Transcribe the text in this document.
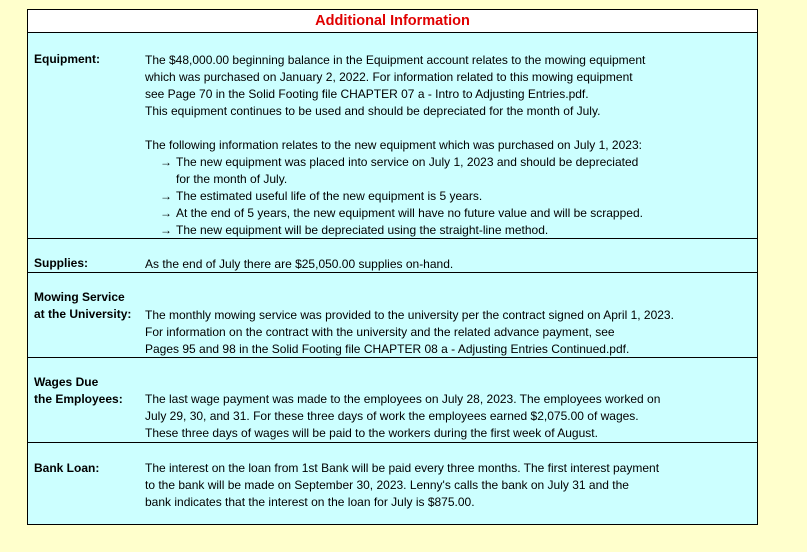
Additional Information
Equipment:	The $48,000.00 beginning balance in the Equipment account relates to the mowing equipment
which was purchased on January 2, 2022. For information related to this mowing equipment
see Page 70 in the Solid Footing file CHAPTER 07 a - Intro to Adjusting Entries.pdf.
This equipment continues to be used and should be depreciated for the month of July.
The following information relates to the new equipment which was purchased on July 1, 2023:
→ The new equipment was placed into service on July 1, 2023 and should be depreciated
for the month of July.
→ The estimated useful life of the new equipment is 5 years.
→ At the end of 5 years, the new equipment will have no future value and will be scrapped.
→ The new equipment will be depreciated using the straight-line method.
Supplies:	As the end of July there are $25,050.00 supplies on-hand.
Mowing Service
at the University: The monthly mowing service was provided to the university per the contract signed on April 1, 2023.
For information on the contract with the university and the related advance payment, see
Pages 95 and 98 in the Solid Footing file CHAPTER 08 a - Adjusting Entries Continued.pdf.
Wages Due
the Employees: The last wage payment was made to the employees on July 28, 2023. The employees worked on
July 29, 30, and 31. For these three days of work the employees earned $2,075.00 of wages.
These three days of wages will be paid to the workers during the first week of August.
Bank Loan:	The interest on the loan from 1st Bank will be paid every three months. The first interest payment
to the bank will be made on September 30, 2023. Lenny's calls the bank on July 31 and the
bank indicates that the interest on the loan for July is $875.00.
